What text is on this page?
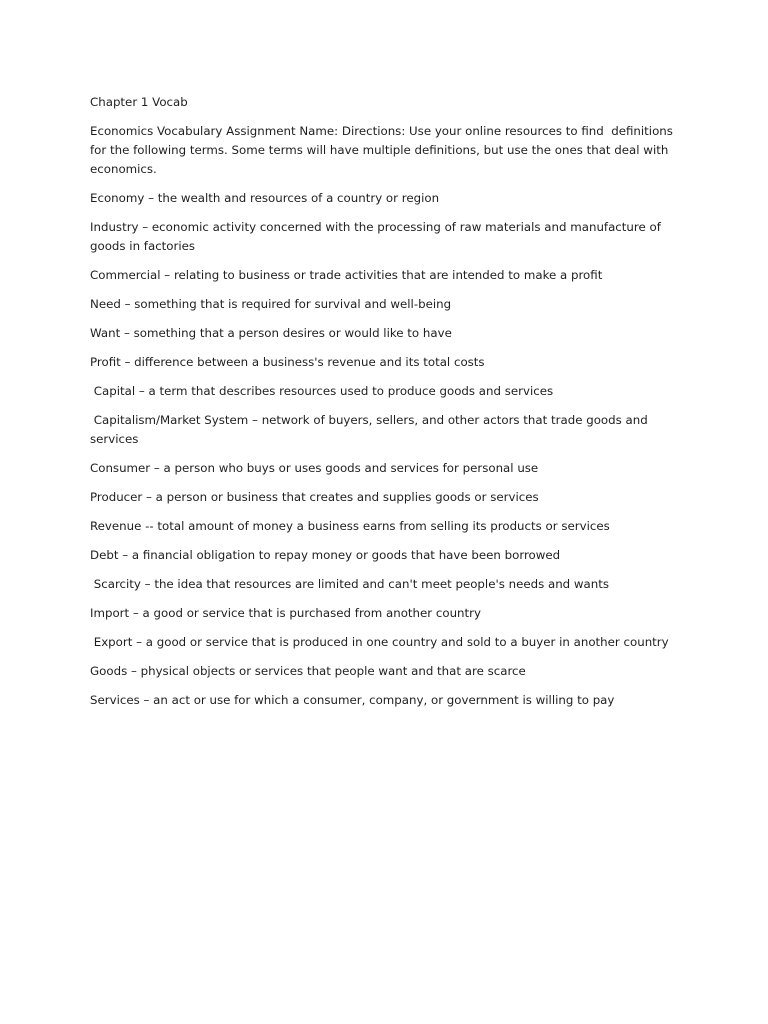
Chapter 1 Vocab

Economics Vocabulary Assignment Name: Directions: Use your online resources to find  definitions for the following terms. Some terms will have multiple definitions, but use the ones that deal with economics.

Economy – the wealth and resources of a country or region

Industry – economic activity concerned with the processing of raw materials and manufacture of goods in factories

Commercial – relating to business or trade activities that are intended to make a profit

Need – something that is required for survival and well-being

Want – something that a person desires or would like to have

Profit – difference between a business's revenue and its total costs

Capital – a term that describes resources used to produce goods and services

Capitalism/Market System – network of buyers, sellers, and other actors that trade goods and services

Consumer – a person who buys or uses goods and services for personal use

Producer – a person or business that creates and supplies goods or services

Revenue -- total amount of money a business earns from selling its products or services

Debt – a financial obligation to repay money or goods that have been borrowed

Scarcity – the idea that resources are limited and can't meet people's needs and wants

Import – a good or service that is purchased from another country

Export – a good or service that is produced in one country and sold to a buyer in another country

Goods – physical objects or services that people want and that are scarce

Services – an act or use for which a consumer, company, or government is willing to pay
